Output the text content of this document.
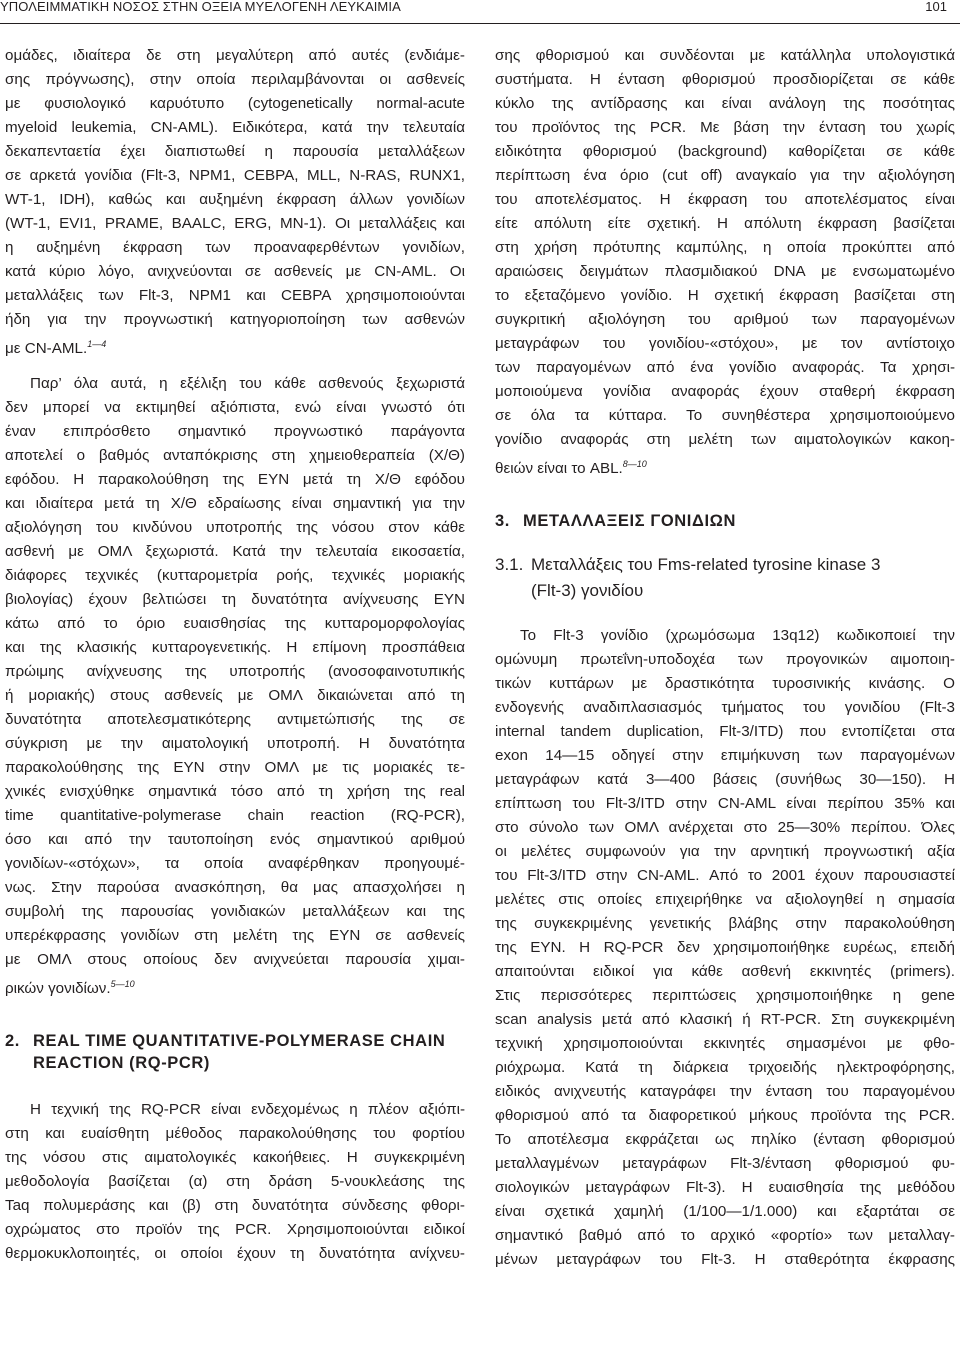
ΥΠΟΛΕΙΜΜΑΤΙΚΗ ΝΟΣΟΣ ΣΤΗΝ ΟΞΕΙΑ ΜΥΕΛΟΓΕΝΗ ΛΕΥΚΑΙΜΙΑ	101
ομάδες, ιδιαίτερα δε στη μεγαλύτερη από αυτές (ενδιάμε-
σης πρόγνωσης), στην οποία περιλαμβάνονται οι ασθενείς
με φυσιολογικό καρυότυπο (cytogenetically normal-acute
myeloid leukemia, CN-AML). Ειδικότερα, κατά την τελευταία
δεκαπενταετία έχει διαπιστωθεί η παρουσία μεταλλάξεων
σε αρκετά γονίδια (Flt-3, NPM1, CEBPA, MLL, N-RAS, RUNX1,
WT-1, IDH), καθώς και αυξημένη έκφραση άλλων γονιδίων
(WT-1, EVI1, PRAME, BAALC, ERG, MN-1). Οι μεταλλάξεις και
η αυξημένη έκφραση των προαναφερθέντων γονιδίων,
κατά κύριο λόγο, ανιχνεύονται σε ασθενείς με CN-AML. Οι
μεταλλάξεις των Flt-3, NPM1 και CEBPA χρησιμοποιούνται
ήδη για την προγνωστική κατηγοριοποίηση των ασθενών
με CN-AML.$^{1—4}$
Παρ’ όλα αυτά, η εξέλιξη του κάθε ασθενούς ξεχωριστά
δεν μπορεί να εκτιμηθεί αξιόπιστα, ενώ είναι γνωστό ότι
έναν επιπρόσθετο σημαντικό προγνωστικό παράγοντα
αποτελεί ο βαθμός ανταπόκρισης στη χημειοθεραπεία (Χ/Θ)
εφόδου. Η παρακολούθηση της ΕΥΝ μετά τη Χ/Θ εφόδου
και ιδιαίτερα μετά τη Χ/Θ εδραίωσης είναι σημαντική για την
αξιολόγηση του κινδύνου υποτροπής της νόσου στον κάθε
ασθενή με ΟΜΛ ξεχωριστά. Κατά την τελευταία εικοσαετία,
διάφορες τεχνικές (κυτταρομετρία ροής, τεχνικές μοριακής
βιολογίας) έχουν βελτιώσει τη δυνατότητα ανίχνευσης ΕΥΝ
κάτω από το όριο ευαισθησίας της κυτταρομορφολογίας
και της κλασικής κυτταρογενετικής. Η επίμονη προσπάθεια
πρώιμης ανίχνευσης της υποτροπής (ανοσοφαινοτυπικής
ή μοριακής) στους ασθενείς με ΟΜΛ δικαιώνεται από τη
δυνατότητα αποτελεσματικότερης αντιμετώπισής της σε
σύγκριση με την αιματολογική υποτροπή. Η δυνατότητα
παρακολούθησης της ΕΥΝ στην ΟΜΛ με τις μοριακές τε-
χνικές ενισχύθηκε σημαντικά τόσο από τη χρήση της real
time quantitative-polymerase chain reaction (RQ-PCR),
όσο και από την ταυτοποίηση ενός σημαντικού αριθμού
γονιδίων-«στόχων», τα οποία αναφέρθηκαν προηγουμέ-
νως. Στην παρούσα ανασκόπηση, θα μας απασχολήσει η
συμβολή της παρουσίας γονιδιακών μεταλλάξεων και της
υπερέκφρασης γονιδίων στη μελέτη της ΕΥΝ σε ασθενείς
με ΟΜΛ στους οποίους δεν ανιχνεύεται παρουσία χιμαι-
ρικών γονιδίων.$^{5—10}$
2. REAL TIME QUANTITATIVE-POLYMERASE CHAIN
REACTION (RQ-PCR)
Η τεχνική της RQ-PCR είναι ενδεχομένως η πλέον αξιόπι-
στη και ευαίσθητη μέθοδος παρακολούθησης του φορτίου
της νόσου στις αιματολογικές κακοήθειες. Η συγκεκριμένη
μεθοδολογία βασίζεται (α) στη δράση 5-νουκλεάσης της
Taq πολυμεράσης και (β) στη δυνατότητα σύνδεσης φθορι-
οχρώματος στο προϊόν της PCR. Χρησιμοποιούνται ειδικοί
θερμοκυκλοποιητές, οι οποίοι έχουν τη δυνατότητα ανίχνευ-
σης φθορισμού και συνδέονται με κατάλληλα υπολογιστικά
συστήματα. Η ένταση φθορισμού προσδιορίζεται σε κάθε
κύκλο της αντίδρασης και είναι ανάλογη της ποσότητας
του προϊόντος της PCR. Με βάση την ένταση του χωρίς
ειδικότητα φθορισμού (background) καθορίζεται σε κάθε
περίπτωση ένα όριο (cut off) αναγκαίο για την αξιολόγηση
του αποτελέσματος. Η έκφραση του αποτελέσματος είναι
είτε απόλυτη είτε σχετική. Η απόλυτη έκφραση βασίζεται
στη χρήση πρότυπης καμπύλης, η οποία προκύπτει από
αραιώσεις δειγμάτων πλασμιδιακού DNA με ενσωματωμένο
το εξεταζόμενο γονίδιο. Η σχετική έκφραση βασίζεται στη
συγκριτική αξιολόγηση του αριθμού των παραγομένων
μεταγράφων του γονιδίου-«στόχου», με τον αντίστοιχο
των παραγομένων από ένα γονίδιο αναφοράς. Τα χρησι-
μοποιούμενα γονίδια αναφοράς έχουν σταθερή έκφραση
σε όλα τα κύτταρα. Το συνηθέστερα χρησιμοποιούμενο
γονίδιο αναφοράς στη μελέτη των αιματολογικών κακοη-
θειών είναι το ABL.$^{8—10}$
3. ΜΕΤΑΛΛΑΞΕΙΣ ΓΟΝΙΔΙΩΝ
3.1. Μεταλλάξεις του Fms-related tyrosine kinase 3
(Flt-3) γονιδίου
Το Flt-3 γονίδιο (χρωμόσωμα 13q12) κωδικοποιεί την
ομώνυμη πρωτεΐνη-υποδοχέα των προγονικών αιμοποιη-
τικών κυττάρων με δραστικότητα τυροσινικής κινάσης. Ο
ενδογενής αναδιπλασιασμός τμήματος του γονιδίου (Flt-3
internal tandem duplication, Flt-3/ITD) που εντοπίζεται στα
exon 14—15 οδηγεί στην επιμήκυνση των παραγομένων
μεταγράφων κατά 3—400 βάσεις (συνήθως 30—150). Η
επίπτωση του Flt-3/ITD στην CN-AML είναι περίπου 35% και
στο σύνολο των ΟΜΛ ανέρχεται στο 25—30% περίπου. Όλες
οι μελέτες συμφωνούν για την αρνητική προγνωστική αξία
του Flt-3/ITD στην CN-AML. Από το 2001 έχουν παρουσιαστεί
μελέτες στις οποίες επιχειρήθηκε να αξιολογηθεί η σημασία
της συγκεκριμένης γενετικής βλάβης στην παρακολούθηση
της ΕΥΝ. Η RQ-PCR δεν χρησιμοποιήθηκε ευρέως, επειδή
απαιτούνται ειδικοί για κάθε ασθενή εκκινητές (primers).
Στις περισσότερες περιπτώσεις χρησιμοποιήθηκε η gene
scan analysis μετά από κλασική ή RT-PCR. Στη συγκεκριμένη
τεχνική χρησιμοποιούνται εκκινητές σημασμένοι με φθο-
ριόχρωμα. Κατά τη διάρκεια τριχοειδής ηλεκτροφόρησης,
ειδικός ανιχνευτής καταγράφει την ένταση του παραγομένου
φθορισμού από τα διαφορετικού μήκους προϊόντα της PCR.
Το αποτέλεσμα εκφράζεται ως πηλίκο (ένταση φθορισμού
μεταλλαγμένων μεταγράφων Flt-3/ένταση φθορισμού φυ-
σιολογικών μεταγράφων Flt-3). Η ευαισθησία της μεθόδου
είναι σχετικά χαμηλή (1/100—1/1.000) και εξαρτάται σε
σημαντικό βαθμό από το αρχικό «φορτίο» των μεταλλαγ-
μένων μεταγράφων του Flt-3. Η σταθερότητα έκφρασης
